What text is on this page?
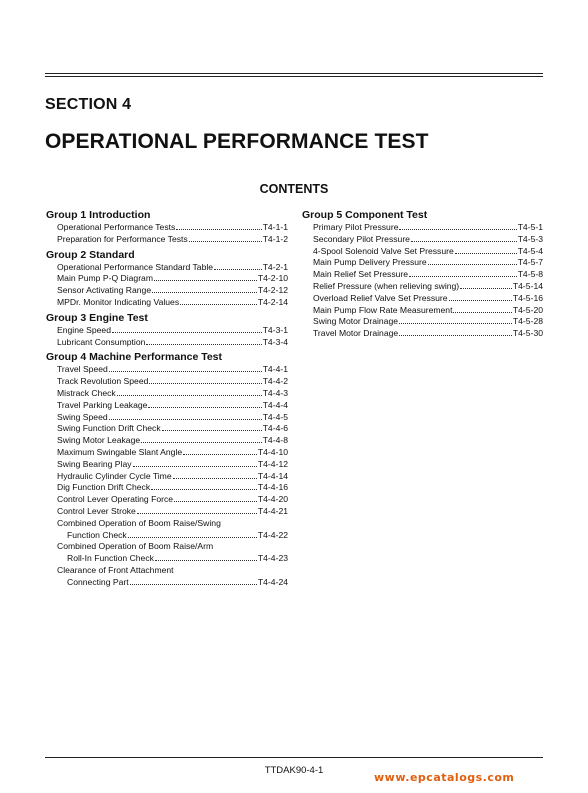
SECTION 4
OPERATIONAL PERFORMANCE TEST
CONTENTS
Group 1 Introduction
Operational Performance Tests	T4-1-1
Preparation for Performance Tests	T4-1-2
Group 2 Standard
Operational Performance Standard Table	T4-2-1
Main Pump P-Q Diagram	T4-2-10
Sensor Activating Range	T4-2-12
MPDr. Monitor Indicating Values	T4-2-14
Group 3 Engine Test
Engine Speed	T4-3-1
Lubricant Consumption	T4-3-4
Group 4 Machine Performance Test
Travel Speed	T4-4-1
Track Revolution Speed	T4-4-2
Mistrack Check	T4-4-3
Travel Parking Leakage	T4-4-4
Swing Speed	T4-4-5
Swing Function Drift Check	T4-4-6
Swing Motor Leakage	T4-4-8
Maximum Swingable Slant Angle	T4-4-10
Swing Bearing Play	T4-4-12
Hydraulic Cylinder Cycle Time	T4-4-14
Dig Function Drift Check	T4-4-16
Control Lever Operating Force	T4-4-20
Control Lever Stroke	T4-4-21
Combined Operation of Boom Raise/Swing
Function Check	T4-4-22
Combined Operation of Boom Raise/Arm
Roll-In Function Check	T4-4-23
Clearance of Front Attachment
Connecting Part	T4-4-24
Group 5 Component Test
Primary Pilot Pressure	T4-5-1
Secondary Pilot Pressure	T4-5-3
4-Spool Solenoid Valve Set Pressure	T4-5-4
Main Pump Delivery Pressure	T4-5-7
Main Relief Set Pressure	T4-5-8
Relief Pressure (when relieving swing)	T4-5-14
Overload Relief Valve Set Pressure	T4-5-16
Main Pump Flow Rate Measurement	T4-5-20
Swing Motor Drainage	T4-5-28
Travel Motor Drainage	T4-5-30
TTDAK90-4-1
www.epcatalogs.com
